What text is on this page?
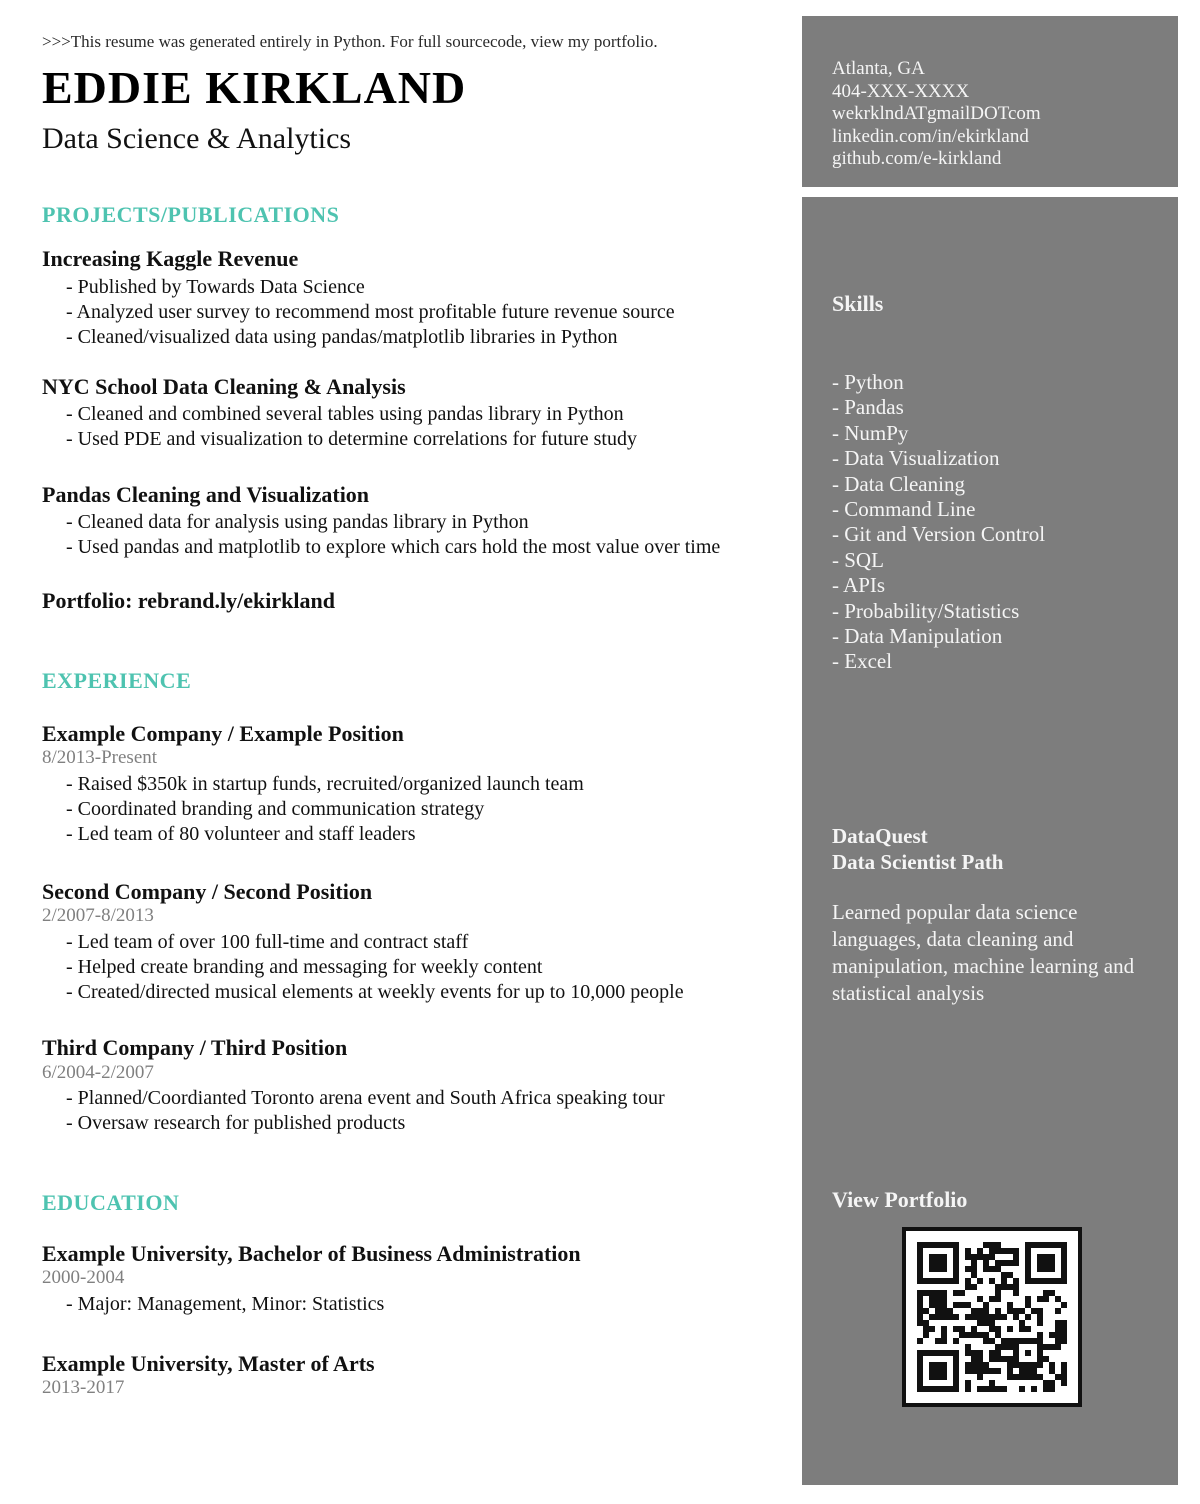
>>>This resume was generated entirely in Python. For full sourcecode, view my portfolio.

EDDIE KIRKLAND
Data Science & Analytics
PROJECTS/PUBLICATIONS
Increasing Kaggle Revenue
- Published by Towards Data Science
- Analyzed user survey to recommend most profitable future revenue source
- Cleaned/visualized data using pandas/matplotlib libraries in Python
NYC School Data Cleaning & Analysis
- Cleaned and combined several tables using pandas library in Python
- Used PDE and visualization to determine correlations for future study
Pandas Cleaning and Visualization
- Cleaned data for analysis using pandas library in Python
- Used pandas and matplotlib to explore which cars hold the most value over time
Portfolio: rebrand.ly/ekirkland
EXPERIENCE
Example Company / Example Position
8/2013-Present
- Raised $350k in startup funds, recruited/organized launch team
- Coordinated branding and communication strategy
- Led team of 80 volunteer and staff leaders
Second Company / Second Position
2/2007-8/2013
- Led team of over 100 full-time and contract staff
- Helped create branding and messaging for weekly content
- Created/directed musical elements at weekly events for up to 10,000 people
Third Company / Third Position
6/2004-2/2007
- Planned/Coordianted Toronto arena event and South Africa speaking tour
- Oversaw research for published products
EDUCATION
Example University, Bachelor of Business Administration
2000-2004
- Major: Management, Minor: Statistics
Example University, Master of Arts
2013-2017
Atlanta, GA
404-XXX-XXXX
wekrklndATgmailDOTcom
linkedin.com/in/ekirkland
github.com/e-kirkland
Skills
- Python
- Pandas
- NumPy
- Data Visualization
- Data Cleaning
- Command Line
- Git and Version Control
- SQL
- APIs
- Probability/Statistics
- Data Manipulation
- Excel
DataQuest
Data Scientist Path
Learned popular data science languages, data cleaning and manipulation, machine learning and statistical analysis
View Portfolio
